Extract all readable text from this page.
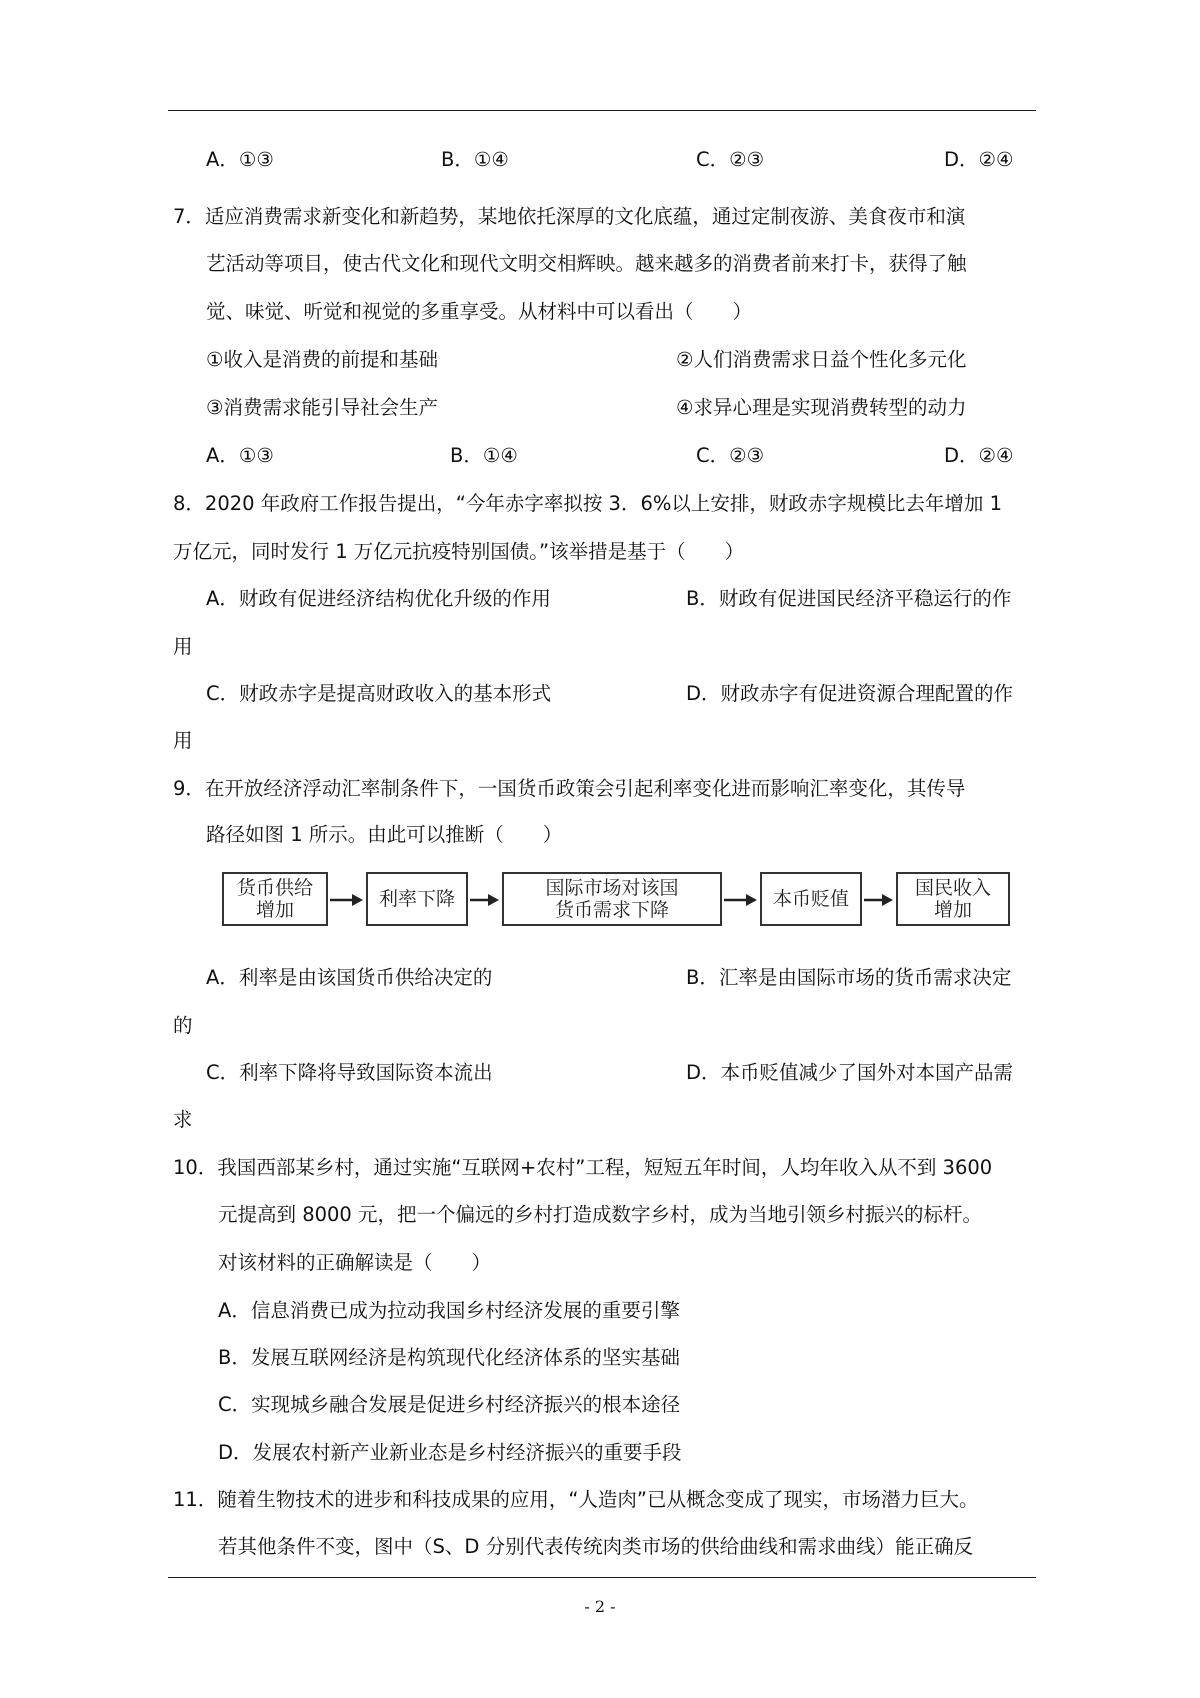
A．①③	B．①④	C．②③	D．②④
7．适应消费需求新变化和新趋势，某地依托深厚的文化底蕴，通过定制夜游、美食夜市和演
艺活动等项目，使古代文化和现代文明交相辉映。越来越多的消费者前来打卡，获得了触
觉、味觉、听觉和视觉的多重享受。从材料中可以看出（　　）
①收入是消费的前提和基础	②人们消费需求日益个性化多元化
③消费需求能引导社会生产	④求异心理是实现消费转型的动力
A．①③	B．①④	C．②③	D．②④
8．2020 年政府工作报告提出，“今年赤字率拟按 3．6%以上安排，财政赤字规模比去年增加 1
万亿元，同时发行 1 万亿元抗疫特别国债。”该举措是基于（　　）
A．财政有促进经济结构优化升级的作用	B．财政有促进国民经济平稳运行的作
用
C．财政赤字是提高财政收入的基本形式	D．财政赤字有促进资源合理配置的作
用
9．在开放经济浮动汇率制条件下，一国货币政策会引起利率变化进而影响汇率变化，其传导
路径如图 1 所示。由此可以推断（　　）
货币供给
增加	利率下降	国际市场对该国
货币需求下降	本币贬值	国民收入
增加
A．利率是由该国货币供给决定的	B．汇率是由国际市场的货币需求决定
的
C．利率下降将导致国际资本流出	D．本币贬值减少了国外对本国产品需
求
10．我国西部某乡村，通过实施“互联网+农村”工程，短短五年时间，人均年收入从不到 3600
元提高到 8000 元，把一个偏远的乡村打造成数字乡村，成为当地引领乡村振兴的标杆。
对该材料的正确解读是（　　）
A．信息消费已成为拉动我国乡村经济发展的重要引擎
B．发展互联网经济是构筑现代化经济体系的坚实基础
C．实现城乡融合发展是促进乡村经济振兴的根本途径
D．发展农村新产业新业态是乡村经济振兴的重要手段
11．随着生物技术的进步和科技成果的应用，“人造肉”已从概念变成了现实，市场潜力巨大。
若其他条件不变，图中（S、D 分别代表传统肉类市场的供给曲线和需求曲线）能正确反
- 2 -
